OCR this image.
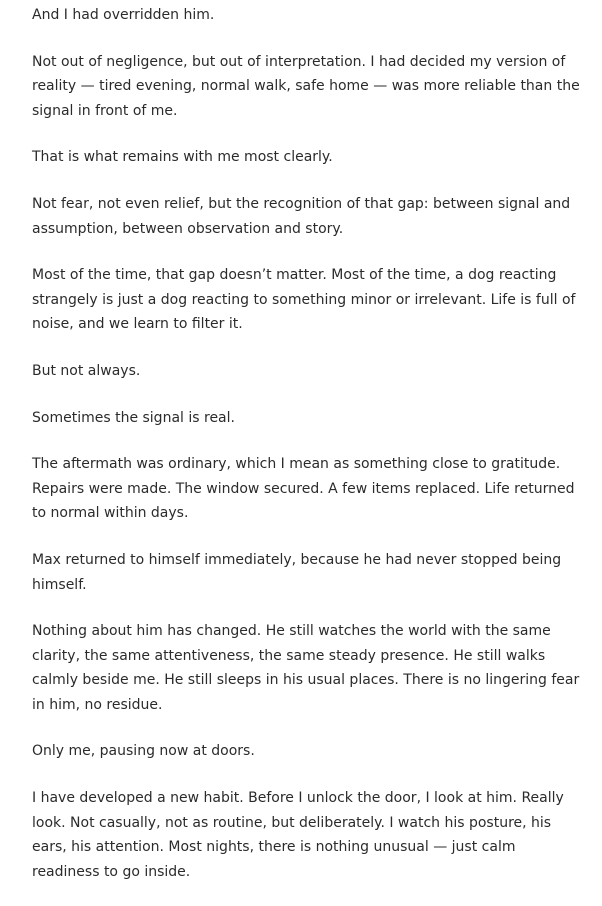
And I had overridden him.

Not out of negligence, but out of interpretation. I had decided my version of reality — tired evening, normal walk, safe home — was more reliable than the signal in front of me.

That is what remains with me most clearly.

Not fear, not even relief, but the recognition of that gap: between signal and assumption, between observation and story.

Most of the time, that gap doesn’t matter. Most of the time, a dog reacting strangely is just a dog reacting to something minor or irrelevant. Life is full of noise, and we learn to filter it.

But not always.

Sometimes the signal is real.

The aftermath was ordinary, which I mean as something close to gratitude. Repairs were made. The window secured. A few items replaced. Life returned to normal within days.

Max returned to himself immediately, because he had never stopped being himself.

Nothing about him has changed. He still watches the world with the same clarity, the same attentiveness, the same steady presence. He still walks calmly beside me. He still sleeps in his usual places. There is no lingering fear in him, no residue.

Only me, pausing now at doors.

I have developed a new habit. Before I unlock the door, I look at him. Really look. Not casually, not as routine, but deliberately. I watch his posture, his ears, his attention. Most nights, there is nothing unusual — just calm readiness to go inside.
